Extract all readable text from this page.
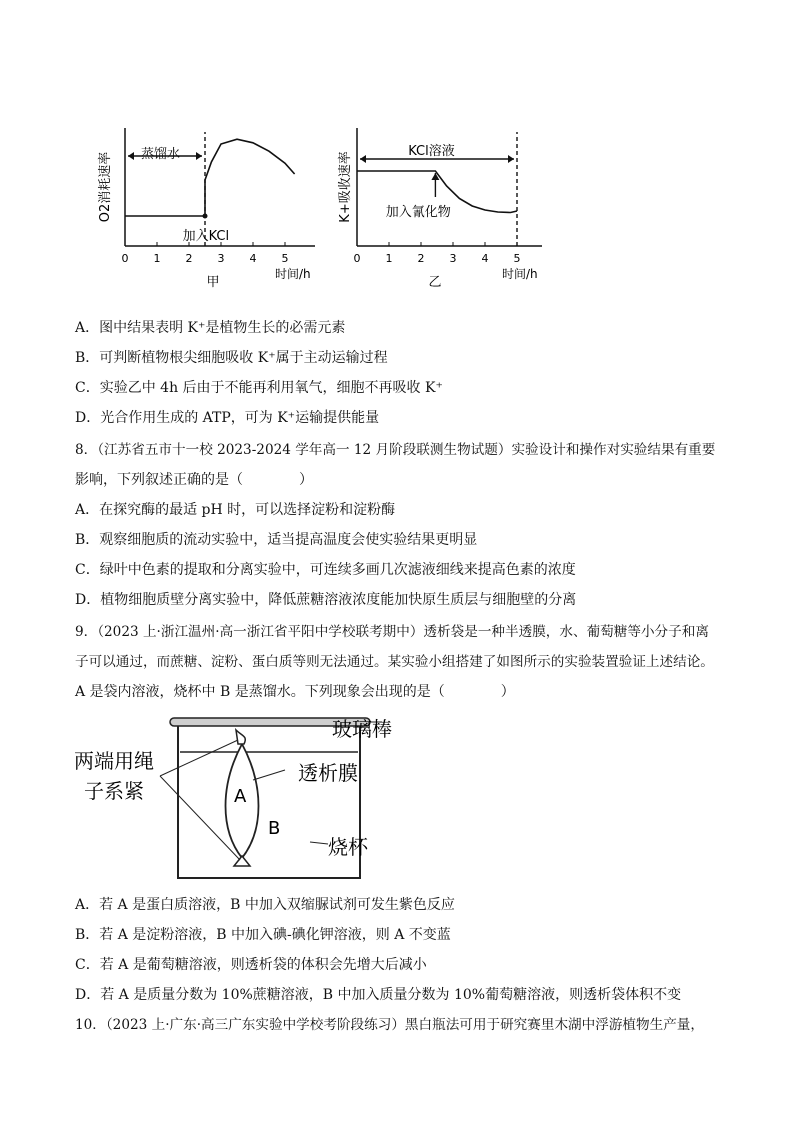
0 1 2 3 4 5
O2消耗速率
时间/h
甲
蒸馏水
加入KCl
0 1 2 3 4 5
K+吸收速率
时间/h
乙
KCl溶液
加入氰化物
A．图中结果表明 K⁺是植物生长的必需元素
B．可判断植物根尖细胞吸收 K⁺属于主动运输过程
C．实验乙中 4h 后由于不能再利用氧气，细胞不再吸收 K⁺
D．光合作用生成的 ATP，可为 K⁺运输提供能量
8．（江苏省五市十一校 2023-2024 学年高一 12 月阶段联测生物试题）实验设计和操作对实验结果有重要
影响，下列叙述正确的是（　　　　）
A．在探究酶的最适 pH 时，可以选择淀粉和淀粉酶
B．观察细胞质的流动实验中，适当提高温度会使实验结果更明显
C．绿叶中色素的提取和分离实验中，可连续多画几次滤液细线来提高色素的浓度
D．植物细胞质壁分离实验中，降低蔗糖溶液浓度能加快原生质层与细胞壁的分离
9．（2023 上·浙江温州·高一浙江省平阳中学校联考期中）透析袋是一种半透膜，水、葡萄糖等小分子和离
子可以通过，而蔗糖、淀粉、蛋白质等则无法通过。某实验小组搭建了如图所示的实验装置验证上述结论。
A 是袋内溶液，烧杯中 B 是蒸馏水。下列现象会出现的是（　　　　）
玻璃棒
透析膜
烧杯
两端用绳
子系紧	A
B
A．若 A 是蛋白质溶液，B 中加入双缩脲试剂可发生紫色反应
B．若 A 是淀粉溶液，B 中加入碘-碘化钾溶液，则 A 不变蓝
C．若 A 是葡萄糖溶液，则透析袋的体积会先增大后减小
D．若 A 是质量分数为 10%蔗糖溶液，B 中加入质量分数为 10%葡萄糖溶液，则透析袋体积不变
10．（2023 上·广东·高三广东实验中学校考阶段练习）黑白瓶法可用于研究赛里木湖中浮游植物生产量，
